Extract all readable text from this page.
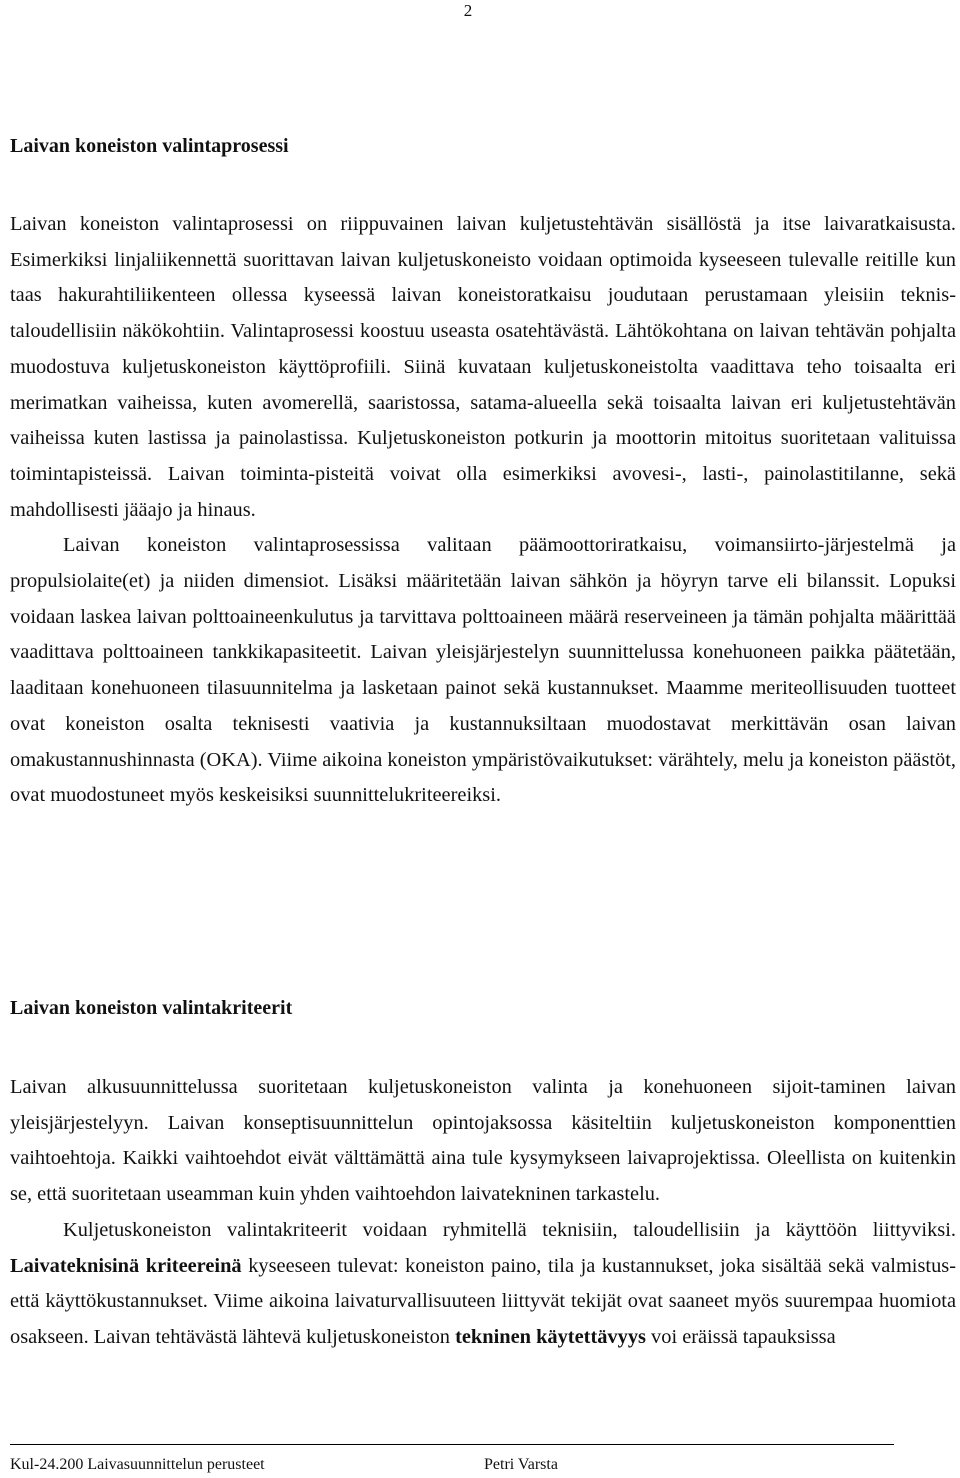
2
Laivan koneiston valintaprosessi

Laivan koneiston valintaprosessi on riippuvainen laivan kuljetustehtävän sisällöstä ja itse laivaratkaisusta. Esimerkiksi linjaliikennettä suorittavan laivan kuljetuskoneisto voidaan optimoida kyseeseen tulevalle reitille kun taas hakurahtiliikenteen ollessa kyseessä laivan koneistoratkaisu joudutaan perustamaan yleisiin teknis-taloudellisiin näkökohtiin. Valintaprosessi koostuu useasta osatehtävästä. Lähtökohtana on laivan tehtävän pohjalta muodostuva kuljetuskoneiston käyttöprofiili. Siinä kuvataan kuljetuskoneistolta vaadittava teho toisaalta eri merimatkan vaiheissa, kuten avomerellä, saaristossa, satama-alueella sekä toisaalta laivan eri kuljetustehtävän vaiheissa kuten lastissa ja painolastissa. Kuljetuskoneiston potkurin ja moottorin mitoitus suoritetaan valituissa toimintapisteissä. Laivan toiminta-pisteitä voivat olla esimerkiksi avovesi-, lasti-, painolastitilanne, sekä mahdollisesti jääajo ja hinaus.

Laivan koneiston valintaprosessissa valitaan päämoottoriratkaisu, voimansiirto-järjestelmä ja propulsiolaite(et) ja niiden dimensiot. Lisäksi määritetään laivan sähkön ja höyryn tarve eli bilanssit. Lopuksi voidaan laskea laivan polttoaineenkulutus ja tarvittava polttoaineen määrä reserveineen ja tämän pohjalta määrittää vaadittava polttoaineen tankkikapasiteetit. Laivan yleisjärjestelyn suunnittelussa konehuoneen paikka päätetään, laaditaan konehuoneen tilasuunnitelma ja lasketaan painot sekä kustannukset. Maamme meriteollisuuden tuotteet ovat koneiston osalta teknisesti vaativia ja kustannuksiltaan muodostavat merkittävän osan laivan omakustannushinnasta (OKA). Viime aikoina koneiston ympäristövaikutukset: värähtely, melu ja koneiston päästöt, ovat muodostuneet myös keskeisiksi suunnittelukriteereiksi.

Laivan koneiston valintakriteerit

Laivan alkusuunnittelussa suoritetaan kuljetuskoneiston valinta ja konehuoneen sijoit-taminen laivan yleisjärjestelyyn. Laivan konseptisuunnittelun opintojaksossa käsiteltiin kuljetuskoneiston komponenttien vaihtoehtoja. Kaikki vaihtoehdot eivät välttämättä aina tule kysymykseen laivaprojektissa. Oleellista on kuitenkin se, että suoritetaan useamman kuin yhden vaihtoehdon laivatekninen tarkastelu.

Kuljetuskoneiston valintakriteerit voidaan ryhmitellä teknisiin, taloudellisiin ja käyttöön liittyviksi. Laivateknisinä kriteereinä kyseeseen tulevat: koneiston paino, tila ja kustannukset, joka sisältää sekä valmistus- että käyttökustannukset. Viime aikoina laivaturvallisuuteen liittyvät tekijät ovat saaneet myös suurempaa huomiota osakseen. Laivan tehtävästä lähtevä kuljetuskoneiston tekninen käytettävyys voi eräissä tapauksissa

Kul-24.200 Laivasuunnittelun perusteet	Petri Varsta
